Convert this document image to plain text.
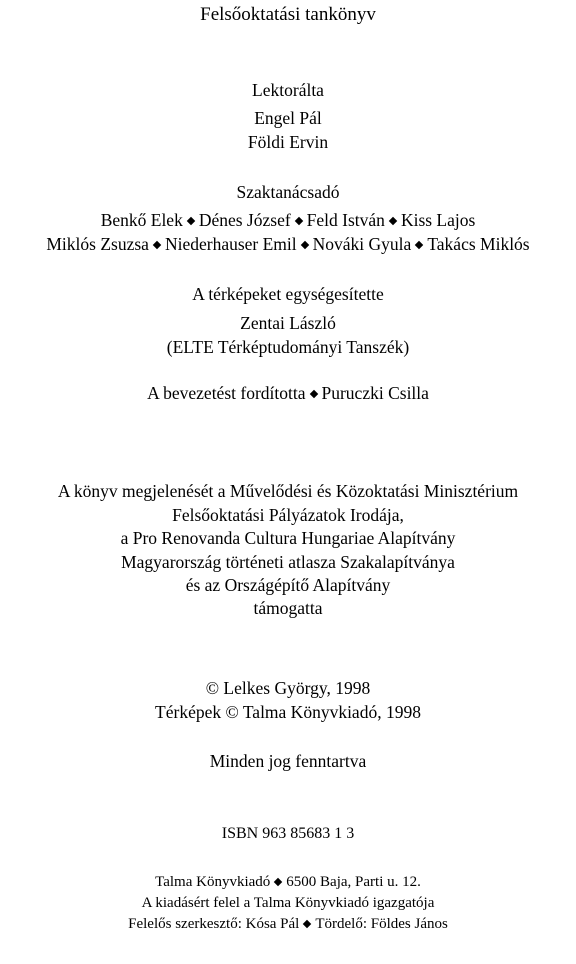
Felsőoktatási tankönyv
Lektorálta
Engel Pál
Földi Ervin
Szaktanácsadó
Benkő Elek Dénes József Feld István Kiss Lajos
Miklós Zsuzsa Niederhauser Emil Nováki Gyula Takács Miklós
A térképeket egységesítette
Zentai László
(ELTE Térképtudományi Tanszék)
A bevezetést fordította Puruczki Csilla
A könyv megjelenését a Művelődési és Közoktatási Minisztérium
Felsőoktatási Pályázatok Irodája,
a Pro Renovanda Cultura Hungariae Alapítvány
Magyarország történeti atlasza Szakalapítványa
és az Országépítő Alapítvány
támogatta
© Lelkes György, 1998
Térképek © Talma Könyvkiadó, 1998
Minden jog fenntartva
ISBN 963 85683 1 3
Talma Könyvkiadó 6500 Baja, Parti u. 12.
A kiadásért felel a Talma Könyvkiadó igazgatója
Felelős szerkesztő: Kósa Pál Tördelő: Földes János
